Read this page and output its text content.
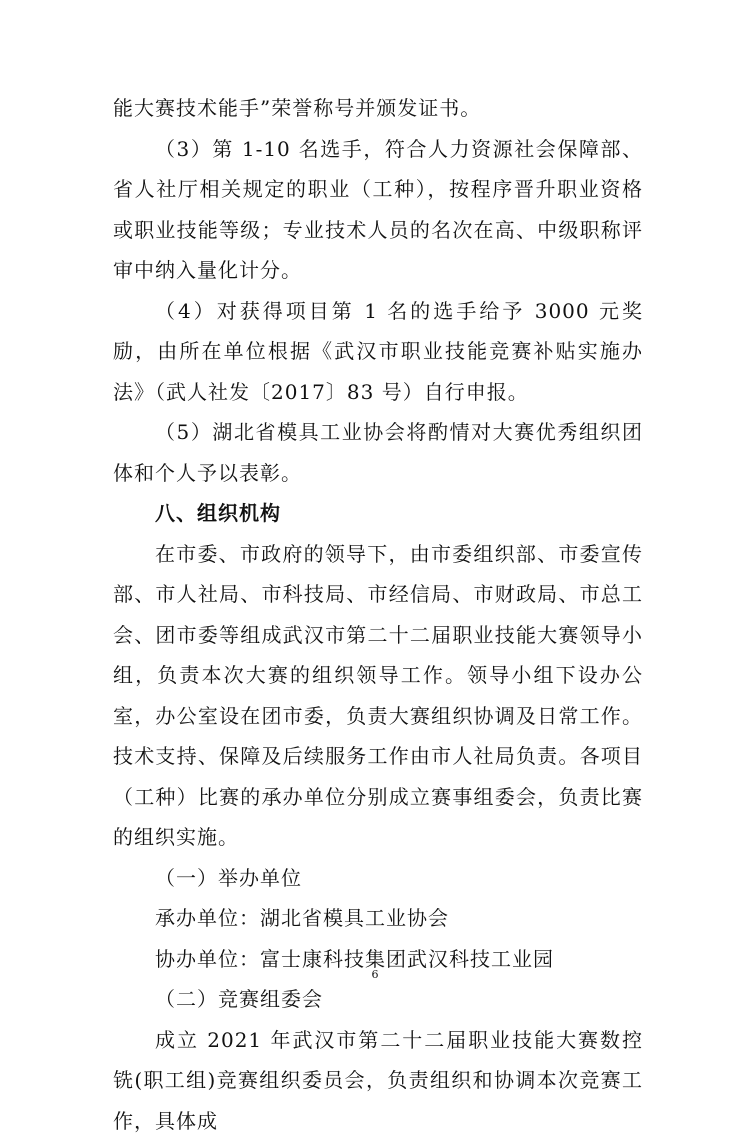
能大赛技术能手”荣誉称号并颁发证书。

（3）第 1-10 名选手，符合人力资源社会保障部、省人社厅相关规定的职业（工种），按程序晋升职业资格或职业技能等级；专业技术人员的名次在高、中级职称评审中纳入量化计分。

（4）对获得项目第 1 名的选手给予 3000 元奖励，由所在单位根据《武汉市职业技能竞赛补贴实施办法》（武人社发〔2017〕83 号）自行申报。

（5）湖北省模具工业协会将酌情对大赛优秀组织团体和个人予以表彰。

八、组织机构

在市委、市政府的领导下，由市委组织部、市委宣传部、市人社局、市科技局、市经信局、市财政局、市总工会、团市委等组成武汉市第二十二届职业技能大赛领导小组，负责本次大赛的组织领导工作。领导小组下设办公室，办公室设在团市委，负责大赛组织协调及日常工作。技术支持、保障及后续服务工作由市人社局负责。各项目（工种）比赛的承办单位分别成立赛事组委会，负责比赛的组织实施。

（一）举办单位

承办单位：湖北省模具工业协会

协办单位：富士康科技集团武汉科技工业园

（二）竞赛组委会

成立 2021 年武汉市第二十二届职业技能大赛数控铣(职工组)竞赛组织委员会，负责组织和协调本次竞赛工作，具体成

6
